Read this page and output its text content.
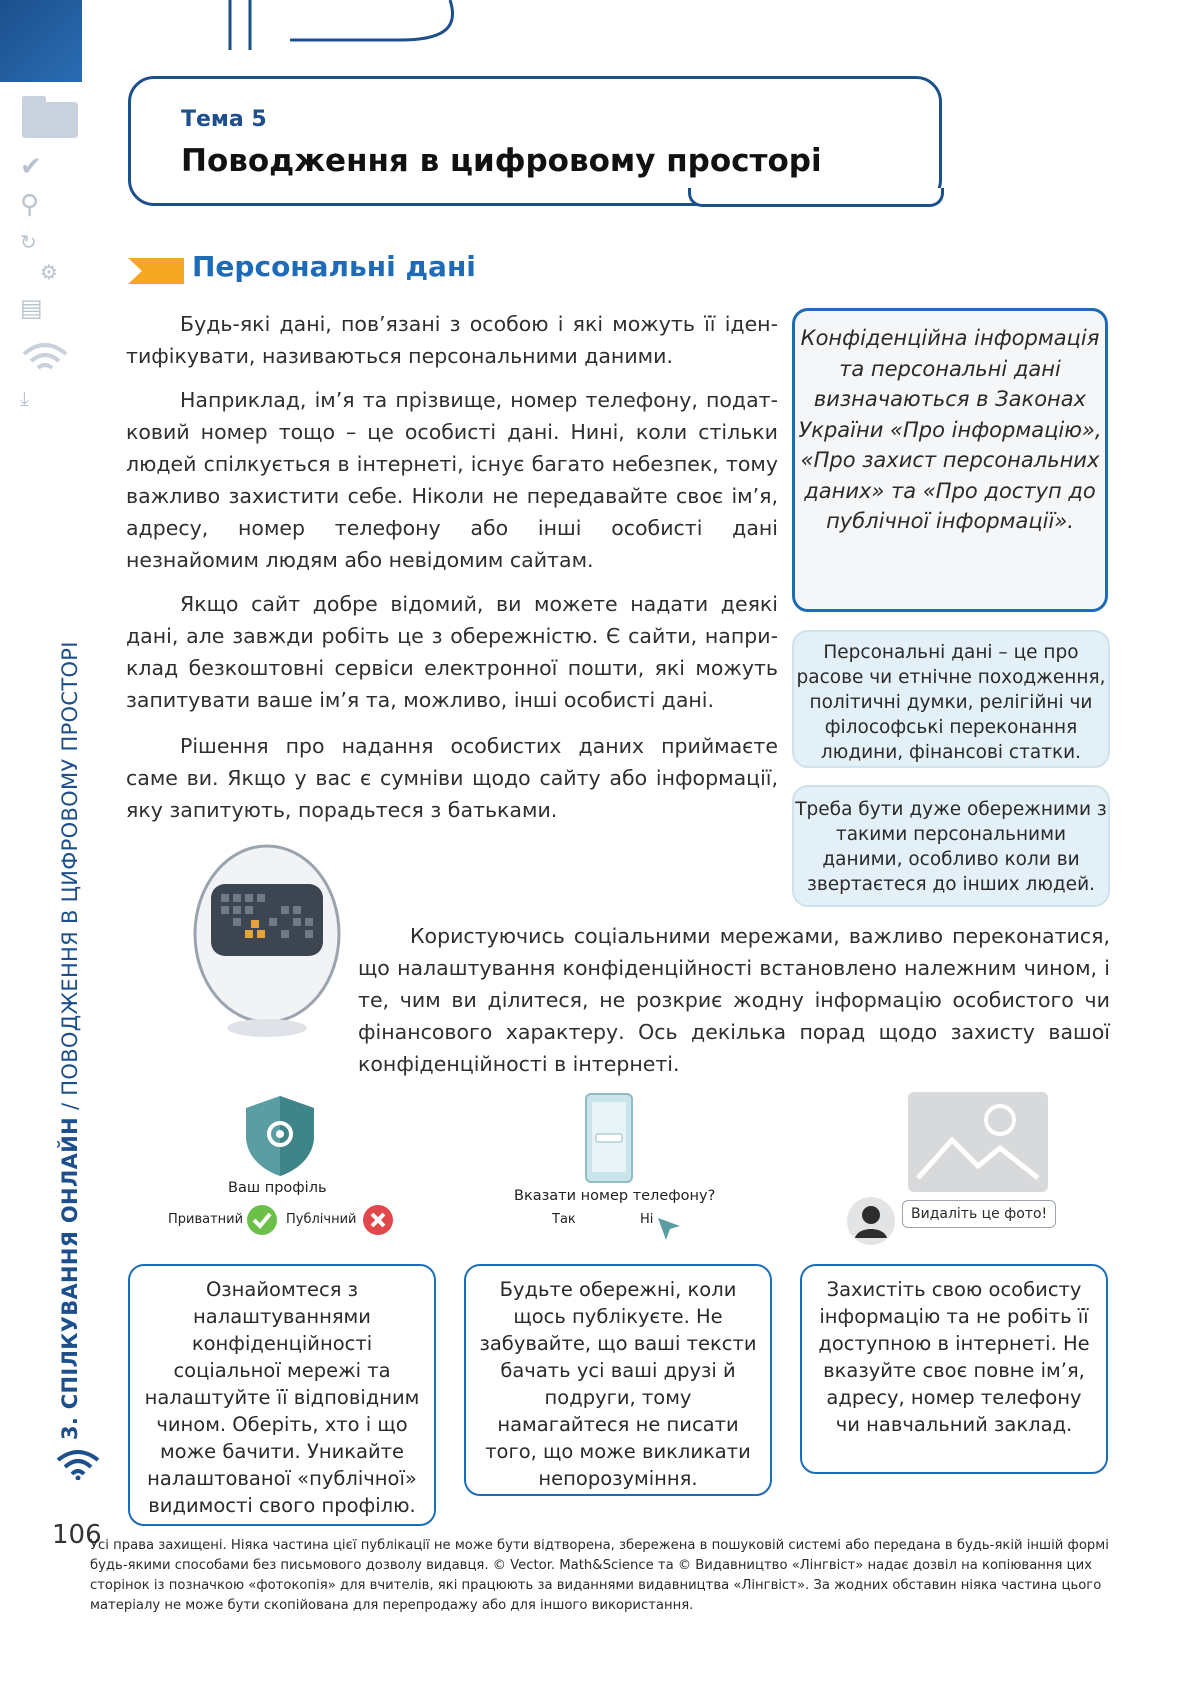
✔
⚲
↻
⚙
▤
⤓
3. СПІЛКУВАННЯ ОНЛАЙН / ПОВОДЖЕННЯ В ЦИФРОВОМУ ПРОСТОРІ
Тема 5
Поводження в цифровому просторі
Персональні дані

Будь-які дані, пов’язані з особою і які можуть її іден-тифікувати, називаються персональними даними.

Наприклад, ім’я та прізвище, номер телефону, подат-ковий номер тощо – це особисті дані. Нині, коли стільки людей спілкується в інтернеті, існує багато небезпек, тому важливо захистити себе. Ніколи не передавайте своє ім’я, адресу, номер телефону або інші особисті дані незнайомим людям або невідомим сайтам.

Якщо сайт добре відомий, ви можете надати деякі дані, але завжди робіть це з обережністю. Є сайти, напри-клад безкоштовні сервіси електронної пошти, які можуть запитувати ваше ім’я та, можливо, інші особисті дані.

Рішення про надання особистих даних приймаєте саме ви. Якщо у вас є сумніви щодо сайту або інформації, яку запитують, порадьтеся з батьками.

Конфіденційна інформація та персональні дані визначаються в Законах України «Про інформацію», «Про захист персональних даних» та «Про доступ до публічної інформації».
Персональні дані – це про расове чи етнічне походження, політичні думки, релігійні чи філософські переконання людини, фінансові статки.
Треба бути дуже обережними з такими персональними даними, особливо коли ви звертаєтеся до інших людей.

Користуючись соціальними мережами, важливо переконатися, що налаштування конфіденційності встановлено належним чином, і те, чим ви ділитеся, не розкриє жодну інформацію особистого чи фінансового характеру. Ось декілька порад щодо захисту вашої конфіденційності в інтернеті.

Ваш профіль
Приватний	Публічний
Вказати номер телефону?
Так	Ні	Видаліть це фото!
Ознайомтеся з налаштуваннями конфіденційності соціальної мережі та налаштуйте її відповідним чином. Оберіть, хто і що може бачити. Уникайте налаштованої «публічної» видимості свого профілю.
Будьте обережні, коли щось публікуєте. Не забувайте, що ваші тексти бачать усі ваші друзі й подруги, тому намагайтеся не писати того, що може викликати непорозуміння.
Захистіть свою особисту інформацію та не робіть її доступною в інтернеті. Не вказуйте своє повне ім’я, адресу, номер телефону чи навчальний заклад.
106

Усі права захищені. Ніяка частина цієї публікації не може бути відтворена, збережена в пошуковій системі або передана в будь-якій іншій формі будь-якими способами без письмового дозволу видавця. © Vector. Math&Science та © Видавництво «Лінгвіст» надає дозвіл на копіювання цих сторінок із позначкою «фотокопія» для вчителів, які працюють за виданнями видавництва «Лінгвіст». За жодних обставин ніяка частина цього матеріалу не може бути скопійована для перепродажу або для іншого використання.
